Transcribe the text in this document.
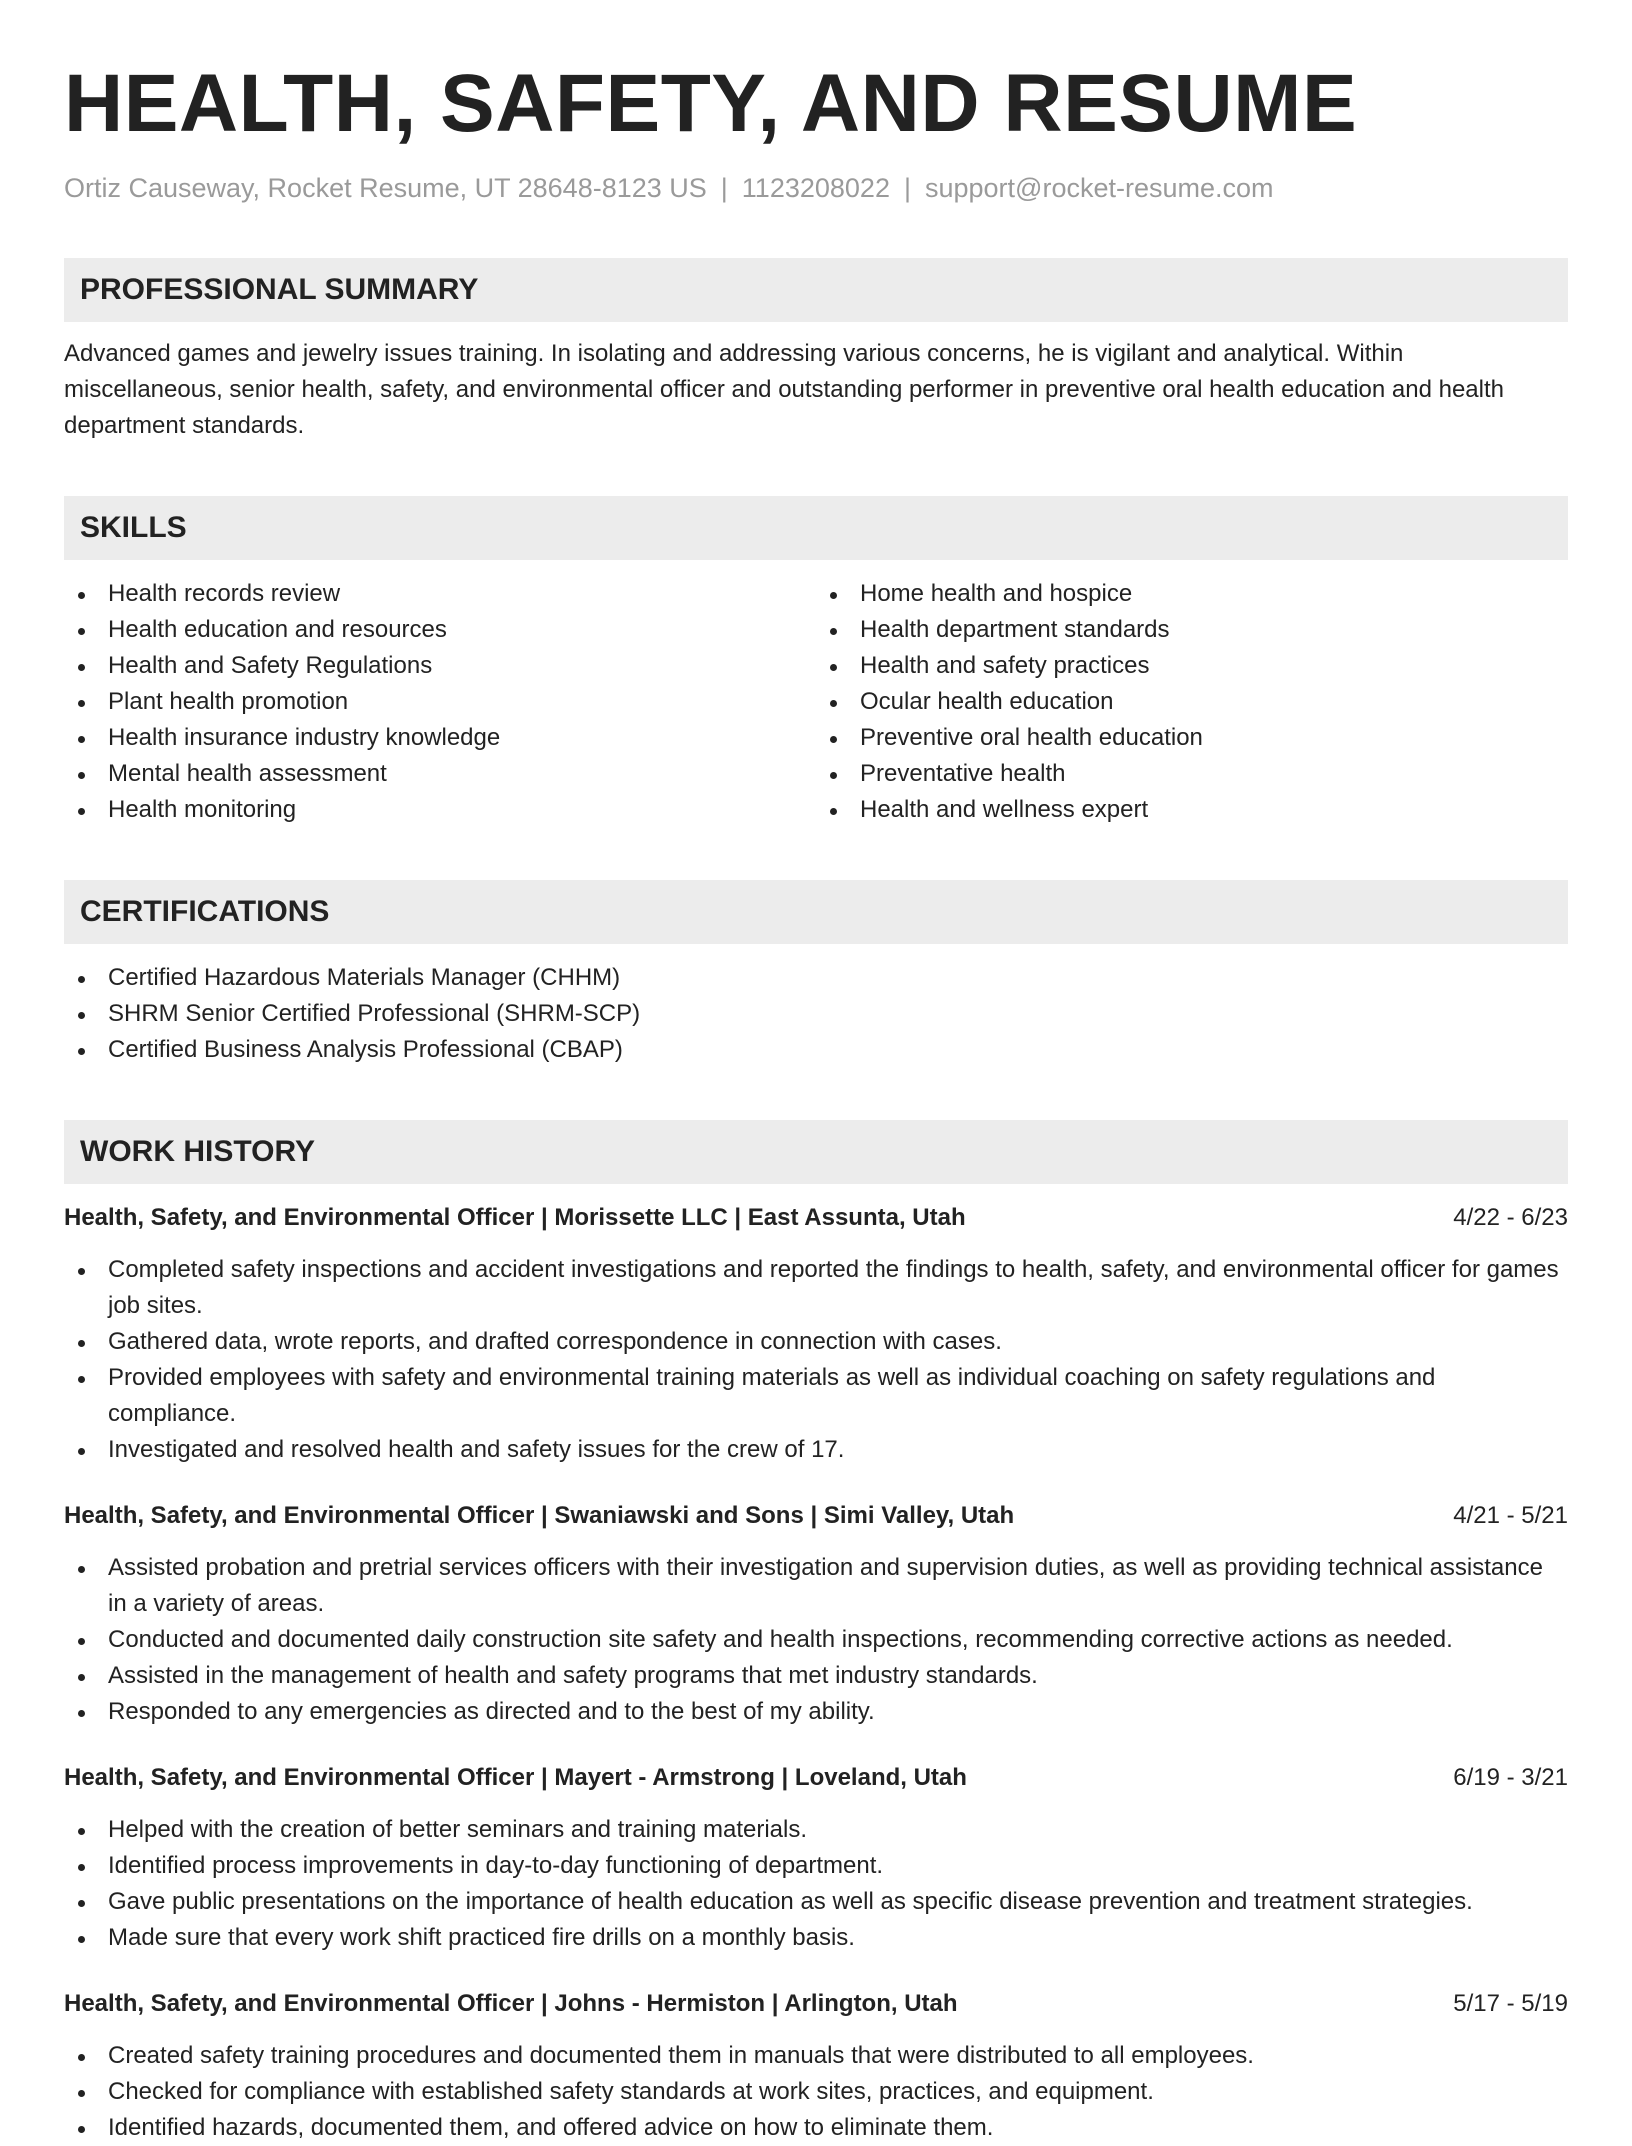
HEALTH, SAFETY, AND RESUME
Ortiz Causeway, Rocket Resume, UT 28648-8123 US | 1123208022 | support@rocket-resume.com
PROFESSIONAL SUMMARY
Advanced games and jewelry issues training. In isolating and addressing various concerns, he is vigilant and analytical. Within miscellaneous, senior health, safety, and environmental officer and outstanding performer in preventive oral health education and health department standards.
SKILLS
Health records review
Health education and resources
Health and Safety Regulations
Plant health promotion
Health insurance industry knowledge
Mental health assessment
Health monitoring
Home health and hospice
Health department standards
Health and safety practices
Ocular health education
Preventive oral health education
Preventative health
Health and wellness expert
CERTIFICATIONS
Certified Hazardous Materials Manager (CHHM)
SHRM Senior Certified Professional (SHRM-SCP)
Certified Business Analysis Professional (CBAP)
WORK HISTORY
Health, Safety, and Environmental Officer | Morissette LLC | East Assunta, Utah	4/22 - 6/23
Completed safety inspections and accident investigations and reported the findings to health, safety, and environmental officer for games job sites.
Gathered data, wrote reports, and drafted correspondence in connection with cases.
Provided employees with safety and environmental training materials as well as individual coaching on safety regulations and compliance.
Investigated and resolved health and safety issues for the crew of 17.
Health, Safety, and Environmental Officer | Swaniawski and Sons | Simi Valley, Utah	4/21 - 5/21
Assisted probation and pretrial services officers with their investigation and supervision duties, as well as providing technical assistance in a variety of areas.
Conducted and documented daily construction site safety and health inspections, recommending corrective actions as needed.
Assisted in the management of health and safety programs that met industry standards.
Responded to any emergencies as directed and to the best of my ability.
Health, Safety, and Environmental Officer | Mayert - Armstrong | Loveland, Utah	6/19 - 3/21
Helped with the creation of better seminars and training materials.
Identified process improvements in day-to-day functioning of department.
Gave public presentations on the importance of health education as well as specific disease prevention and treatment strategies.
Made sure that every work shift practiced fire drills on a monthly basis.
Health, Safety, and Environmental Officer | Johns - Hermiston | Arlington, Utah	5/17 - 5/19
Created safety training procedures and documented them in manuals that were distributed to all employees.
Checked for compliance with established safety standards at work sites, practices, and equipment.
Identified hazards, documented them, and offered advice on how to eliminate them.
